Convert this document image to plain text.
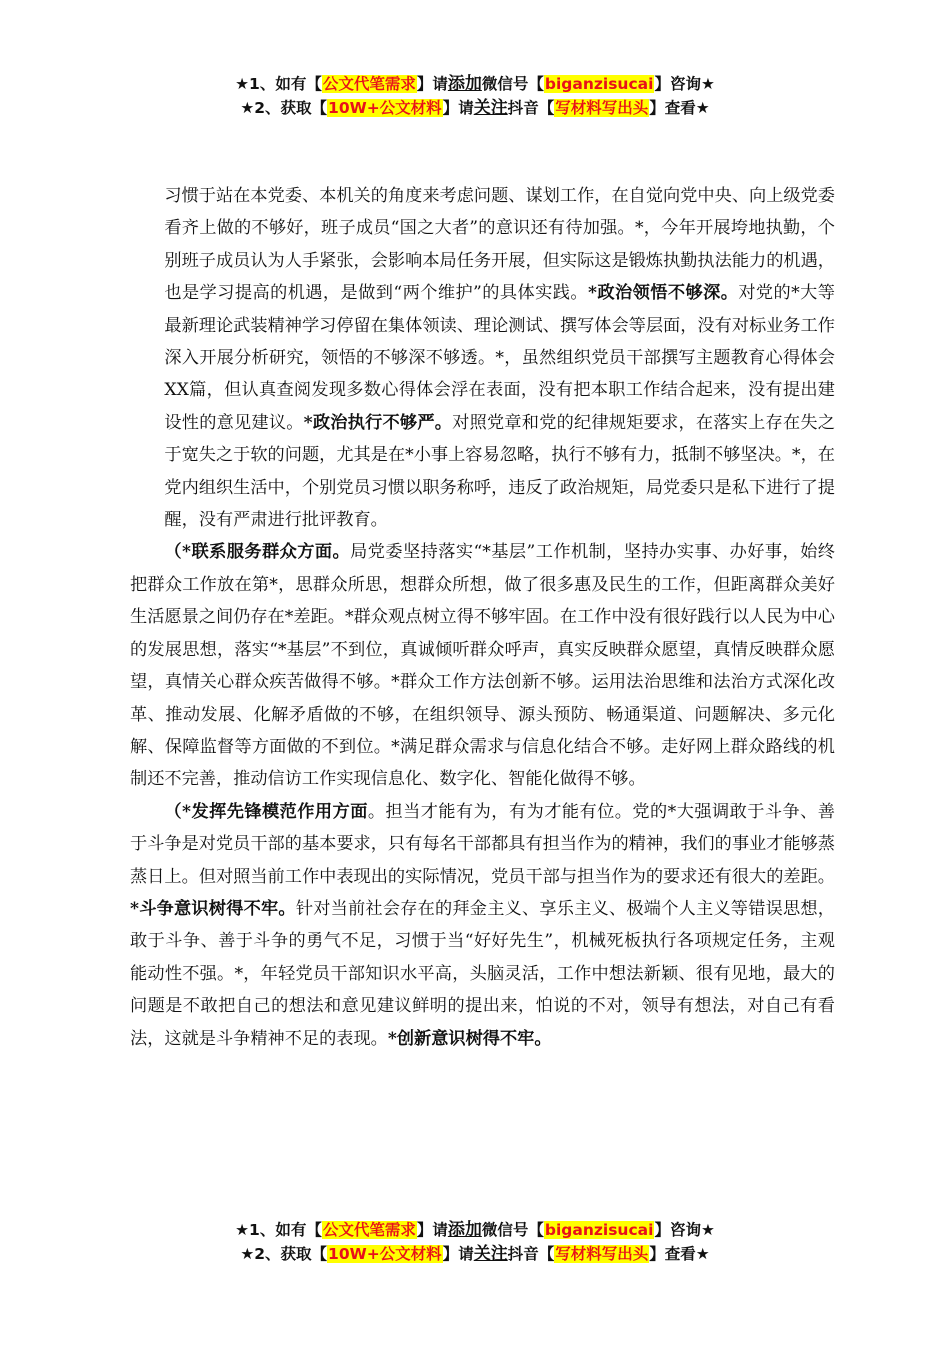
★1、如有【公文代笔需求】请添加微信号【biganzisucai】咨询★
★2、获取【10W+公文材料】请关注抖音【写材料写出头】查看★

习惯于站在本党委、本机关的角度来考虑问题、谋划工作，在自觉向党中央、向上级党委看齐上做的不够好，班子成员“国之大者”的意识还有待加强。*，今年开展垮地执勤，个别班子成员认为人手紧张，会影响本局任务开展，但实际这是锻炼执勤执法能力的机遇，也是学习提高的机遇，是做到“两个维护”的具体实践。*政治领悟不够深。对党的*大等最新理论武装精神学习停留在集体领读、理论测试、撰写体会等层面，没有对标业务工作深入开展分析研究，领悟的不够深不够透。*，虽然组织党员干部撰写主题教育心得体会XX篇，但认真查阅发现多数心得体会浮在表面，没有把本职工作结合起来，没有提出建设性的意见建议。*政治执行不够严。对照党章和党的纪律规矩要求，在落实上存在失之于宽失之于软的问题，尤其是在*小事上容易忽略，执行不够有力，抵制不够坚决。*，在党内组织生活中，个别党员习惯以职务称呼，违反了政治规矩，局党委只是私下进行了提醒，没有严肃进行批评教育。

（*联系服务群众方面。局党委坚持落实“*基层”工作机制，坚持办实事、办好事，始终把群众工作放在第*，思群众所思，想群众所想，做了很多惠及民生的工作，但距离群众美好生活愿景之间仍存在*差距。*群众观点树立得不够牢固。在工作中没有很好践行以人民为中心的发展思想，落实“*基层”不到位，真诚倾听群众呼声，真实反映群众愿望，真情反映群众愿望，真情关心群众疾苦做得不够。*群众工作方法创新不够。运用法治思维和法治方式深化改革、推动发展、化解矛盾做的不够，在组织领导、源头预防、畅通渠道、问题解决、多元化解、保障监督等方面做的不到位。*满足群众需求与信息化结合不够。走好网上群众路线的机制还不完善，推动信访工作实现信息化、数字化、智能化做得不够。

（*发挥先锋模范作用方面。担当才能有为，有为才能有位。党的*大强调敢于斗争、善于斗争是对党员干部的基本要求，只有每名干部都具有担当作为的精神，我们的事业才能够蒸蒸日上。但对照当前工作中表现出的实际情况，党员干部与担当作为的要求还有很大的差距。*斗争意识树得不牢。针对当前社会存在的拜金主义、享乐主义、极端个人主义等错误思想，敢于斗争、善于斗争的勇气不足，习惯于当“好好先生”，机械死板执行各项规定任务，主观能动性不强。*，年轻党员干部知识水平高，头脑灵活，工作中想法新颖、很有见地，最大的问题是不敢把自己的想法和意见建议鲜明的提出来，怕说的不对，领导有想法，对自己有看法，这就是斗争精神不足的表现。*创新意识树得不牢。

★1、如有【公文代笔需求】请添加微信号【biganzisucai】咨询★
★2、获取【10W+公文材料】请关注抖音【写材料写出头】查看★
